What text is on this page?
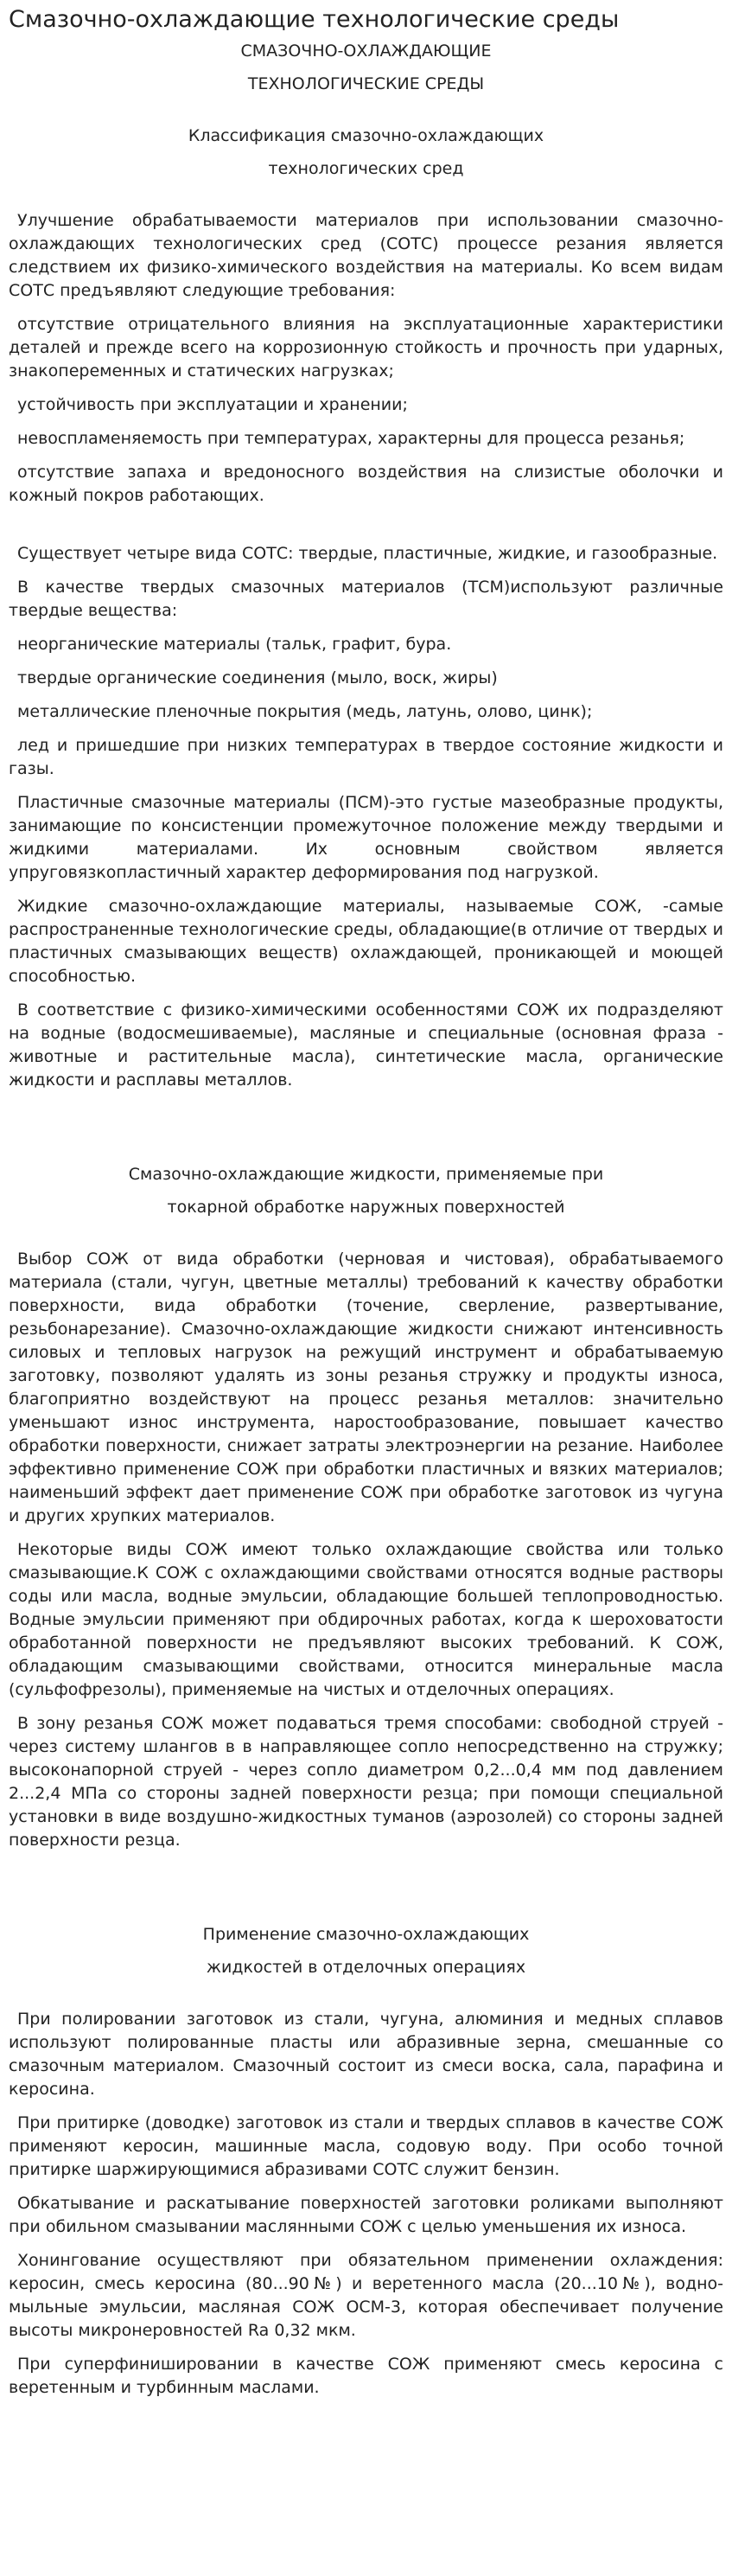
Смазочно-охлаждающие технологические среды
СМАЗОЧНО-ОХЛАЖДАЮЩИЕ
ТЕХНОЛОГИЧЕСКИЕ СРЕДЫ
Классификация смазочно-охлаждающих
технологических сред

Улучшение обрабатываемости материалов при использовании смазочно-охлаждающих технологических сред (СОТС) процессе резания является следствием их физико-химического воздействия на материалы. Ко всем видам СОТС предъявляют следующие требования:

отсутствие отрицательного влияния на эксплуатационные характеристики деталей и прежде всего на коррозионную стойкость и прочность при ударных, знакопеременных и статических нагрузках;

устойчивость при эксплуатации и хранении;

невоспламеняемость при температурах, характерны для процесса резанья;

отсутствие запаха и вредоносного воздействия на слизистые оболочки и кожный покров работающих.

Существует четыре вида СОТС: твердые, пластичные, жидкие, и газообразные.

В качестве твердых смазочных материалов (ТСМ)используют различные твердые вещества:

неорганические материалы (тальк, графит, бура.

твердые органические соединения (мыло, воск, жиры)

металлические пленочные покрытия (медь, латунь, олово, цинк);

лед и пришедшие при низких температурах в твердое состояние жидкости и газы.

Пластичные смазочные материалы (ПСМ)-это густые мазеобразные продукты, занимающие по консистенции промежуточное положение между твердыми и жидкими материалами. Их основным свойством является упруговязкопластичный характер деформирования под нагрузкой.

Жидкие смазочно-охлаждающие материалы, называемые СОЖ, -самые распространенные технологические среды, обладающие(в отличие от твердых и пластичных смазывающих веществ) охлаждающей, проникающей и моющей способностью.

В соответствие с физико-химическими особенностями СОЖ их подразделяют на водные (водосмешиваемые), масляные и специальные (основная фраза - животные и растительные масла), синтетические масла, органические жидкости и расплавы металлов.

Смазочно-охлаждающие жидкости, применяемые при
токарной обработке наружных поверхностей

Выбор СОЖ от вида обработки (черновая и чистовая), обрабатываемого материала (стали, чугун, цветные металлы) требований к качеству обработки поверхности, вида обработки (точение, сверление, развертывание, резьбонарезание). Смазочно-охлаждающие жидкости снижают интенсивность силовых и тепловых нагрузок на режущий инструмент и обрабатываемую заготовку, позволяют удалять из зоны резанья стружку и продукты износа, благоприятно воздействуют на процесс резанья металлов: значительно уменьшают износ инструмента, наростообразование, повышает качество обработки поверхности, снижает затраты электроэнергии на резание. Наиболее эффективно применение СОЖ при обработки пластичных и вязких материалов; наименьший эффект дает применение СОЖ при обработке заготовок из чугуна и других хрупких материалов.

Некоторые виды СОЖ имеют только охлаждающие свойства или только смазывающие.К СОЖ с охлаждающими свойствами относятся водные растворы соды или масла, водные эмульсии, обладающие большей теплопроводностью. Водные эмульсии применяют при обдирочных работах, когда к шероховатости обработанной поверхности не предъявляют высоких требований. К СОЖ, обладающим смазывающими свойствами, относится минеральные масла (сульфофрезолы), применяемые на чистых и отделочных операциях.

В зону резанья СОЖ может подаваться тремя способами: свободной струей - через систему шлангов в в направляющее сопло непосредственно на стружку; высоконапорной струей - через сопло диаметром 0,2...0,4 мм под давлением 2...2,4 МПа со стороны задней поверхности резца; при помощи специальной установки в виде воздушно-жидкостных туманов (аэрозолей) со стороны задней поверхности резца.

Применение смазочно-охлаждающих
жидкостей в отделочных операциях

При полировании заготовок из стали, чугуна, алюминия и медных сплавов используют полированные пласты или абразивные зерна, смешанные со смазочным материалом. Смазочный состоит из смеси воска, сала, парафина и керосина.

При притирке (доводке) заготовок из стали и твердых сплавов в качестве СОЖ применяют керосин, машинные масла, содовую воду. При особо точной притирке шаржирующимися абразивами СОТС служит бензин.

Обкатывание и раскатывание поверхностей заготовки роликами выполняют при обильном смазывании маслянными СОЖ с целью уменьшения их износа.

Хонингование осуществляют при обязательном применении охлаждения: керосин, смесь керосина (80...90№) и веретенного масла (20...10№), водно-мыльные эмульсии, масляная СОЖ ОСМ-3, которая обеспечивает получение высоты микронеровностей Ra 0,32 мкм.

При суперфинишировании в качестве СОЖ применяют смесь керосина с веретенным и турбинным маслами.
